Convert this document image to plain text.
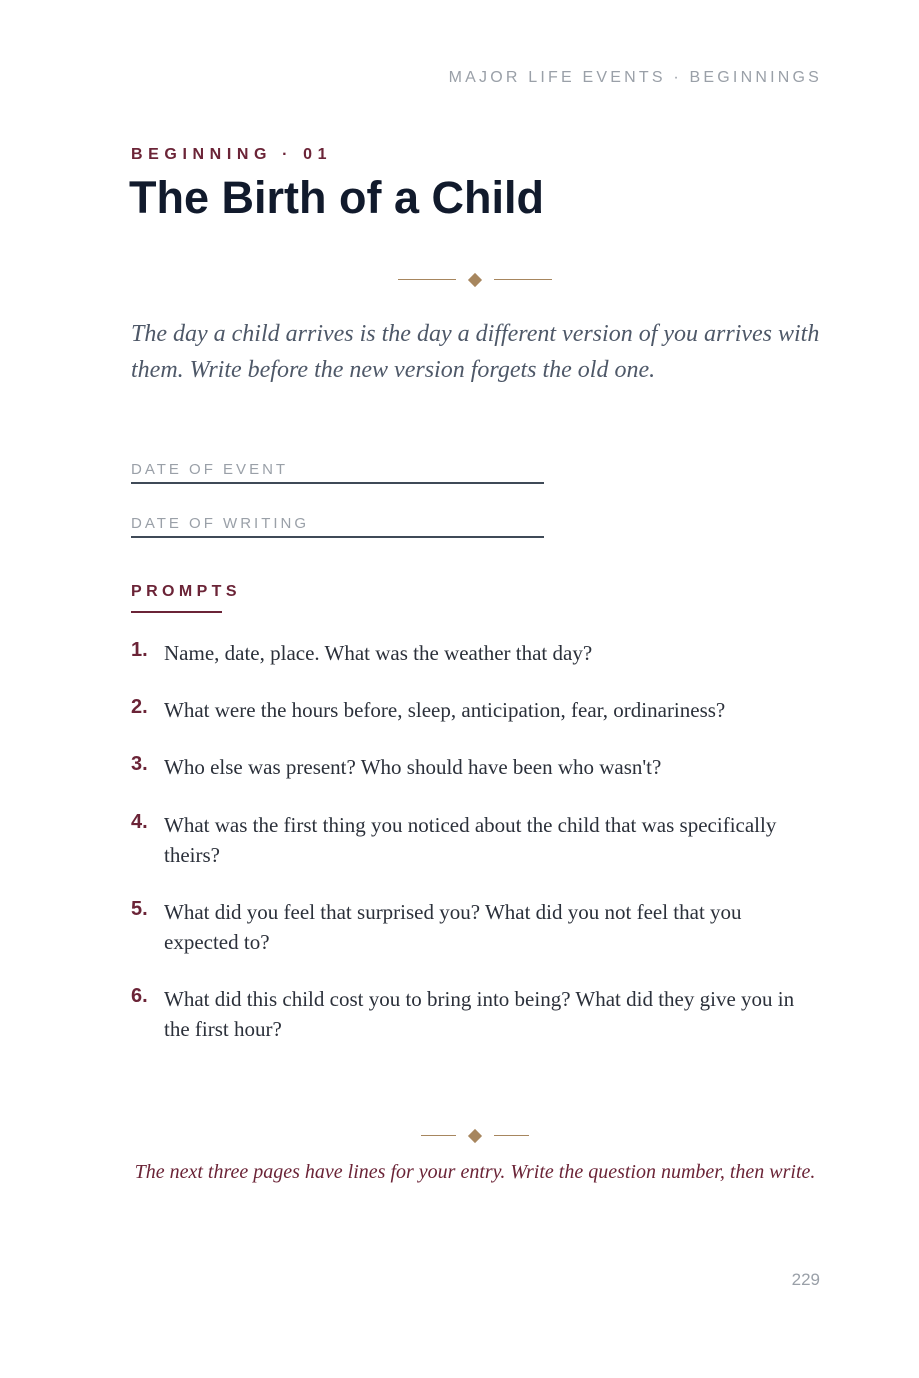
MAJOR LIFE EVENTS · BEGINNINGS
BEGINNING · 01
The Birth of a Child

The day a child arrives is the day a different version of you arrives with them. Write before the new version forgets the old one.

DATE OF EVENT
DATE OF WRITING
PROMPTS
1. Name, date, place. What was the weather that day?
2. What were the hours before, sleep, anticipation, fear, ordinariness?
3. Who else was present? Who should have been who wasn't?
4. What was the first thing you noticed about the child that was specifically theirs?
5. What did you feel that surprised you? What did you not feel that you expected to?
6. What did this child cost you to bring into being? What did they give you in the first hour?

The next three pages have lines for your entry. Write the question number, then write.

229
